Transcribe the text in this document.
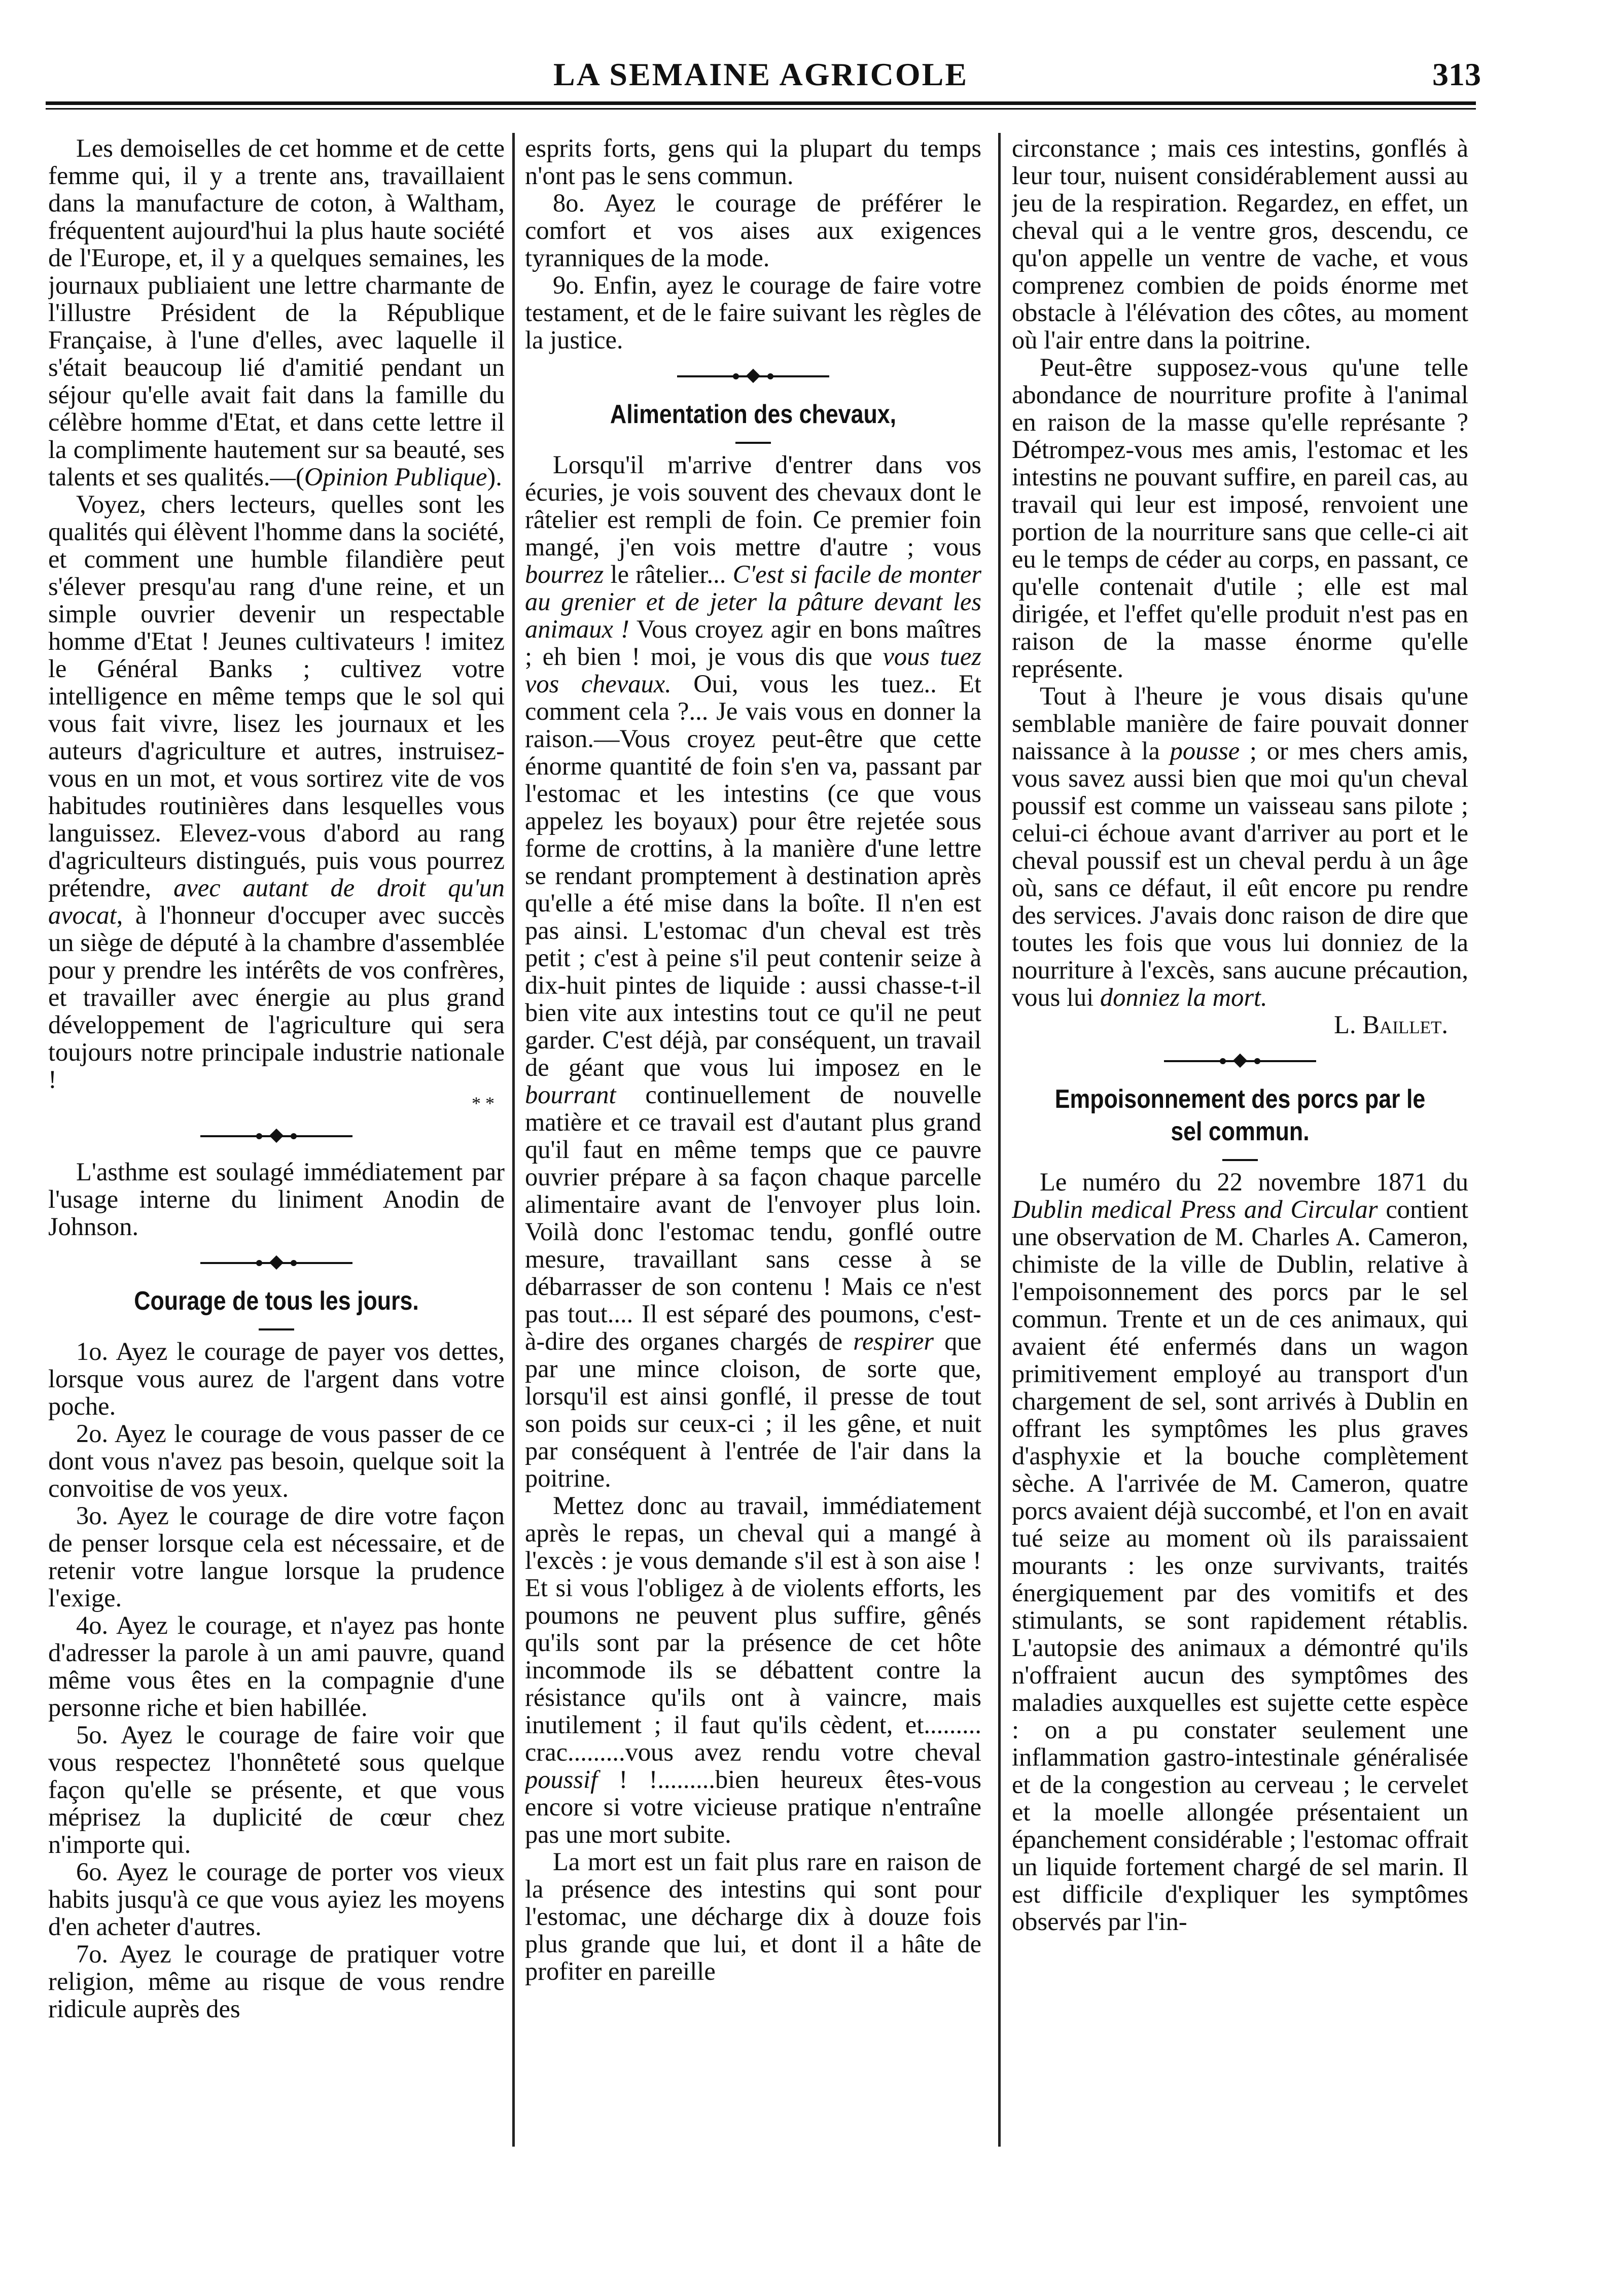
LA SEMAINE AGRICOLE	313

Les demoiselles de cet homme et de cette femme qui, il y a trente ans, travaillaient dans la manufacture de coton, à Waltham, fréquentent aujourd'hui la plus haute société de l'Europe, et, il y a quelques semaines, les journaux publiaient une lettre charmante de l'illustre Président de la République Française, à l'une d'elles, avec laquelle il s'était beaucoup lié d'amitié pendant un séjour qu'elle avait fait dans la famille du célèbre homme d'Etat, et dans cette lettre il la complimente hautement sur sa beauté, ses talents et ses qualités.—(Opinion Publique).

Voyez, chers lecteurs, quelles sont les qualités qui élèvent l'homme dans la société, et comment une humble filandière peut s'élever presqu'au rang d'une reine, et un simple ouvrier devenir un respectable homme d'Etat ! Jeunes cultivateurs ! imitez le Général Banks ; cultivez votre intelligence en même temps que le sol qui vous fait vivre, lisez les journaux et les auteurs d'agriculture et autres, instruisez-vous en un mot, et vous sortirez vite de vos habitudes routinières dans lesquelles vous languissez. Elevez-vous d'abord au rang d'agriculteurs distingués, puis vous pourrez prétendre, avec autant de droit qu'un avocat, à l'honneur d'occuper avec succès un siège de député à la chambre d'assemblée pour y prendre les intérêts de vos confrères, et travailler avec énergie au plus grand développement de l'agriculture qui sera toujours notre principale industrie nationale !

* *

L'asthme est soulagé immédiatement par l'usage interne du liniment Anodin de Johnson.

Courage de tous les jours.

1o. Ayez le courage de payer vos dettes, lorsque vous aurez de l'argent dans votre poche.

2o. Ayez le courage de vous passer de ce dont vous n'avez pas besoin, quelque soit la convoitise de vos yeux.

3o. Ayez le courage de dire votre façon de penser lorsque cela est nécessaire, et de retenir votre langue lorsque la prudence l'exige.

4o. Ayez le courage, et n'ayez pas honte d'adresser la parole à un ami pauvre, quand même vous êtes en la compagnie d'une personne riche et bien habillée.

5o. Ayez le courage de faire voir que vous respectez l'honnêteté sous quelque façon qu'elle se présente, et que vous méprisez la duplicité de cœur chez n'importe qui.

6o. Ayez le courage de porter vos vieux habits jusqu'à ce que vous ayiez les moyens d'en acheter d'autres.

7o. Ayez le courage de pratiquer votre religion, même au risque de vous rendre ridicule auprès des

esprits forts, gens qui la plupart du temps n'ont pas le sens commun.

8o. Ayez le courage de préférer le comfort et vos aises aux exigences tyranniques de la mode.

9o. Enfin, ayez le courage de faire votre testament, et de le faire suivant les règles de la justice.

Alimentation des chevaux,

Lorsqu'il m'arrive d'entrer dans vos écuries, je vois souvent des chevaux dont le râtelier est rempli de foin. Ce premier foin mangé, j'en vois mettre d'autre ; vous bourrez le râtelier... C'est si facile de monter au grenier et de jeter la pâture devant les animaux ! Vous croyez agir en bons maîtres ; eh bien ! moi, je vous dis que vous tuez vos chevaux. Oui, vous les tuez.. Et comment cela ?... Je vais vous en donner la raison.—Vous croyez peut-être que cette énorme quantité de foin s'en va, passant par l'estomac et les intestins (ce que vous appelez les boyaux) pour être rejetée sous forme de crottins, à la manière d'une lettre se rendant promptement à destination après qu'elle a été mise dans la boîte. Il n'en est pas ainsi. L'estomac d'un cheval est très petit ; c'est à peine s'il peut contenir seize à dix-huit pintes de liquide : aussi chasse-t-il bien vite aux intestins tout ce qu'il ne peut garder. C'est déjà, par conséquent, un travail de géant que vous lui imposez en le bourrant continuellement de nouvelle matière et ce travail est d'autant plus grand qu'il faut en même temps que ce pauvre ouvrier prépare à sa façon chaque parcelle alimentaire avant de l'envoyer plus loin. Voilà donc l'estomac tendu, gonflé outre mesure, travaillant sans cesse à se débarrasser de son contenu ! Mais ce n'est pas tout.... Il est séparé des poumons, c'est-à-dire des organes chargés de respirer que par une mince cloison, de sorte que, lorsqu'il est ainsi gonflé, il presse de tout son poids sur ceux-ci ; il les gêne, et nuit par conséquent à l'entrée de l'air dans la poitrine.

Mettez donc au travail, immédiatement après le repas, un cheval qui a mangé à l'excès : je vous demande s'il est à son aise ! Et si vous l'obligez à de violents efforts, les poumons ne peuvent plus suffire, gênés qu'ils sont par la présence de cet hôte incommode ils se débattent contre la résistance qu'ils ont à vaincre, mais inutilement ; il faut qu'ils cèdent, et......... crac.........vous avez rendu votre cheval poussif ! !.........bien heureux êtes-vous encore si votre vicieuse pratique n'entraîne pas une mort subite.

La mort est un fait plus rare en raison de la présence des intestins qui sont pour l'estomac, une décharge dix à douze fois plus grande que lui, et dont il a hâte de profiter en pareille

circonstance ; mais ces intestins, gonflés à leur tour, nuisent considérablement aussi au jeu de la respiration. Regardez, en effet, un cheval qui a le ventre gros, descendu, ce qu'on appelle un ventre de vache, et vous comprenez combien de poids énorme met obstacle à l'élévation des côtes, au moment où l'air entre dans la poitrine.

Peut-être supposez-vous qu'une telle abondance de nourriture profite à l'animal en raison de la masse qu'elle représante ? Détrompez-vous mes amis, l'estomac et les intestins ne pouvant suffire, en pareil cas, au travail qui leur est imposé, renvoient une portion de la nourriture sans que celle-ci ait eu le temps de céder au corps, en passant, ce qu'elle contenait d'utile ; elle est mal dirigée, et l'effet qu'elle produit n'est pas en raison de la masse énorme qu'elle représente.

Tout à l'heure je vous disais qu'une semblable manière de faire pouvait donner naissance à la pousse ; or mes chers amis, vous savez aussi bien que moi qu'un cheval poussif est comme un vaisseau sans pilote ; celui-ci échoue avant d'arriver au port et le cheval poussif est un cheval perdu à un âge où, sans ce défaut, il eût encore pu rendre des services. J'avais donc raison de dire que toutes les fois que vous lui donniez de la nourriture à l'excès, sans aucune précaution, vous lui donniez la mort.

L. Baillet.

Empoisonnement des porcs par le sel commun.

Le numéro du 22 novembre 1871 du Dublin medical Press and Circular contient une observation de M. Charles A. Cameron, chimiste de la ville de Dublin, relative à l'empoisonnement des porcs par le sel commun. Trente et un de ces animaux, qui avaient été enfermés dans un wagon primitivement employé au transport d'un chargement de sel, sont arrivés à Dublin en offrant les symptômes les plus graves d'asphyxie et la bouche complètement sèche. A l'arrivée de M. Cameron, quatre porcs avaient déjà succombé, et l'on en avait tué seize au moment où ils paraissaient mourants : les onze survivants, traités énergiquement par des vomitifs et des stimulants, se sont rapidement rétablis. L'autopsie des animaux a démontré qu'ils n'offraient aucun des symptômes des maladies auxquelles est sujette cette espèce : on a pu constater seulement une inflammation gastro-intestinale généralisée et de la congestion au cerveau ; le cervelet et la moelle allongée présentaient un épanchement considérable ; l'estomac offrait un liquide fortement chargé de sel marin. Il est difficile d'expliquer les symptômes observés par l'in-
